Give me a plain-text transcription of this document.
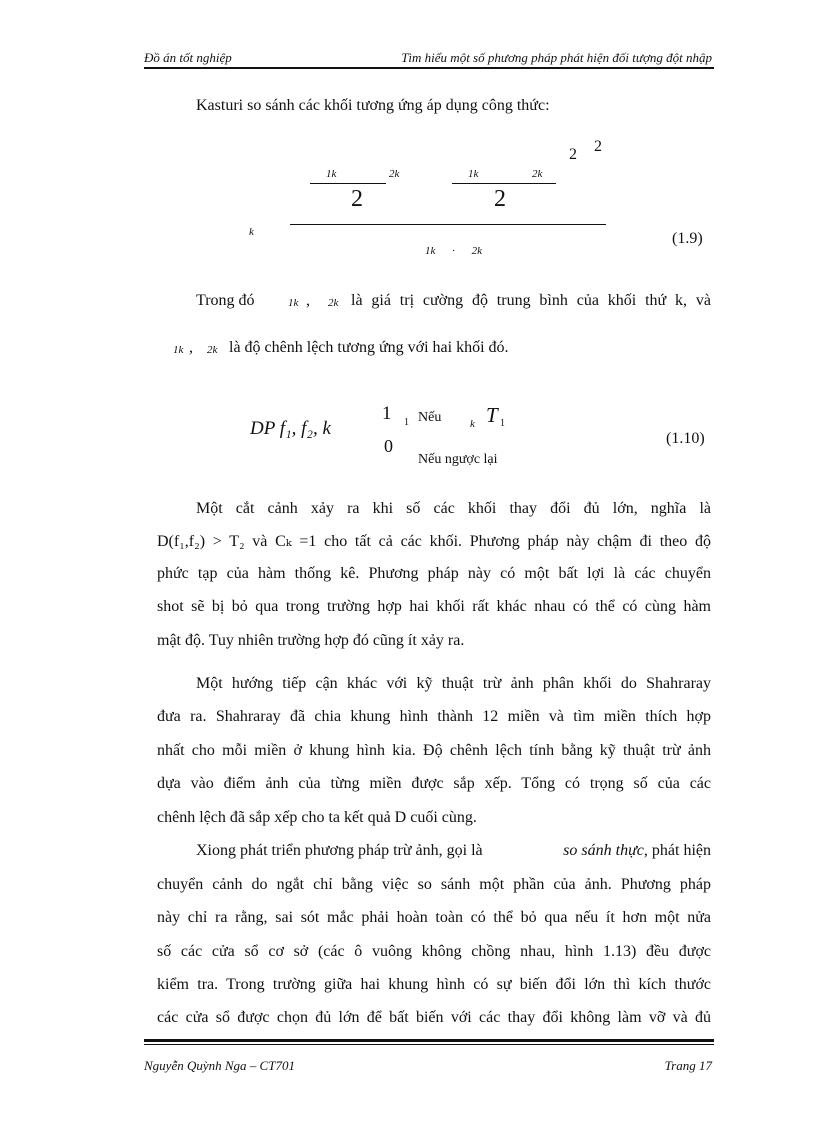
Đồ án tốt nghiệp	Tìm hiểu một số phương pháp phát hiện đối tượng đột nhập
Kasturi so sánh các khối tương ứng áp dụng công thức:
2 2
1k	2k	1k	2k
2	2
k
1k · 2k
(1.9)
Trong đó	1k , 2k là giá trị cường độ trung bình của khối thứ k, và
1k , 2k là độ chênh lệch tương ứng với hai khối đó.
DP f₁, f₂, k
1 1 Nếu	k T 1
0
Nếu ngược lại
(1.10)
Một cắt cảnh xảy ra khi số các khối thay đổi đủ lớn, nghĩa là
D(f₁,f₂) > T₂ và Cₖ =1 cho tất cả các khối. Phương pháp này chậm đi theo độ
phức tạp của hàm thống kê. Phương pháp này có một bất lợi là các chuyển
shot sẽ bị bỏ qua trong trường hợp hai khối rất khác nhau có thể có cùng hàm
mật độ. Tuy nhiên trường hợp đó cũng ít xảy ra.
Một hướng tiếp cận khác với kỹ thuật trừ ảnh phân khối do Shahraray
đưa ra. Shahraray đã chia khung hình thành 12 miền và tìm miền thích hợp
nhất cho mỗi miền ở khung hình kia. Độ chênh lệch tính bằng kỹ thuật trừ ảnh
dựa vào điểm ảnh của từng miền được sắp xếp. Tổng có trọng số của các
chênh lệch đã sắp xếp cho ta kết quả D cuối cùng.
Xiong phát triển phương pháp trừ ảnh, gọi là	so sánh thực, phát hiện
chuyển cảnh do ngắt chỉ bằng việc so sánh một phần của ảnh. Phương pháp
này chỉ ra rằng, sai sót mắc phải hoàn toàn có thể bỏ qua nếu ít hơn một nửa
số các cửa sổ cơ sở (các ô vuông không chồng nhau, hình 1.13) đều được
kiểm tra. Trong trường giữa hai khung hình có sự biến đổi lớn thì kích thước
các cửa sổ được chọn đủ lớn để bất biến với các thay đổi không làm vỡ và đủ
Nguyễn Quỳnh Nga – CT701	Trang 17
